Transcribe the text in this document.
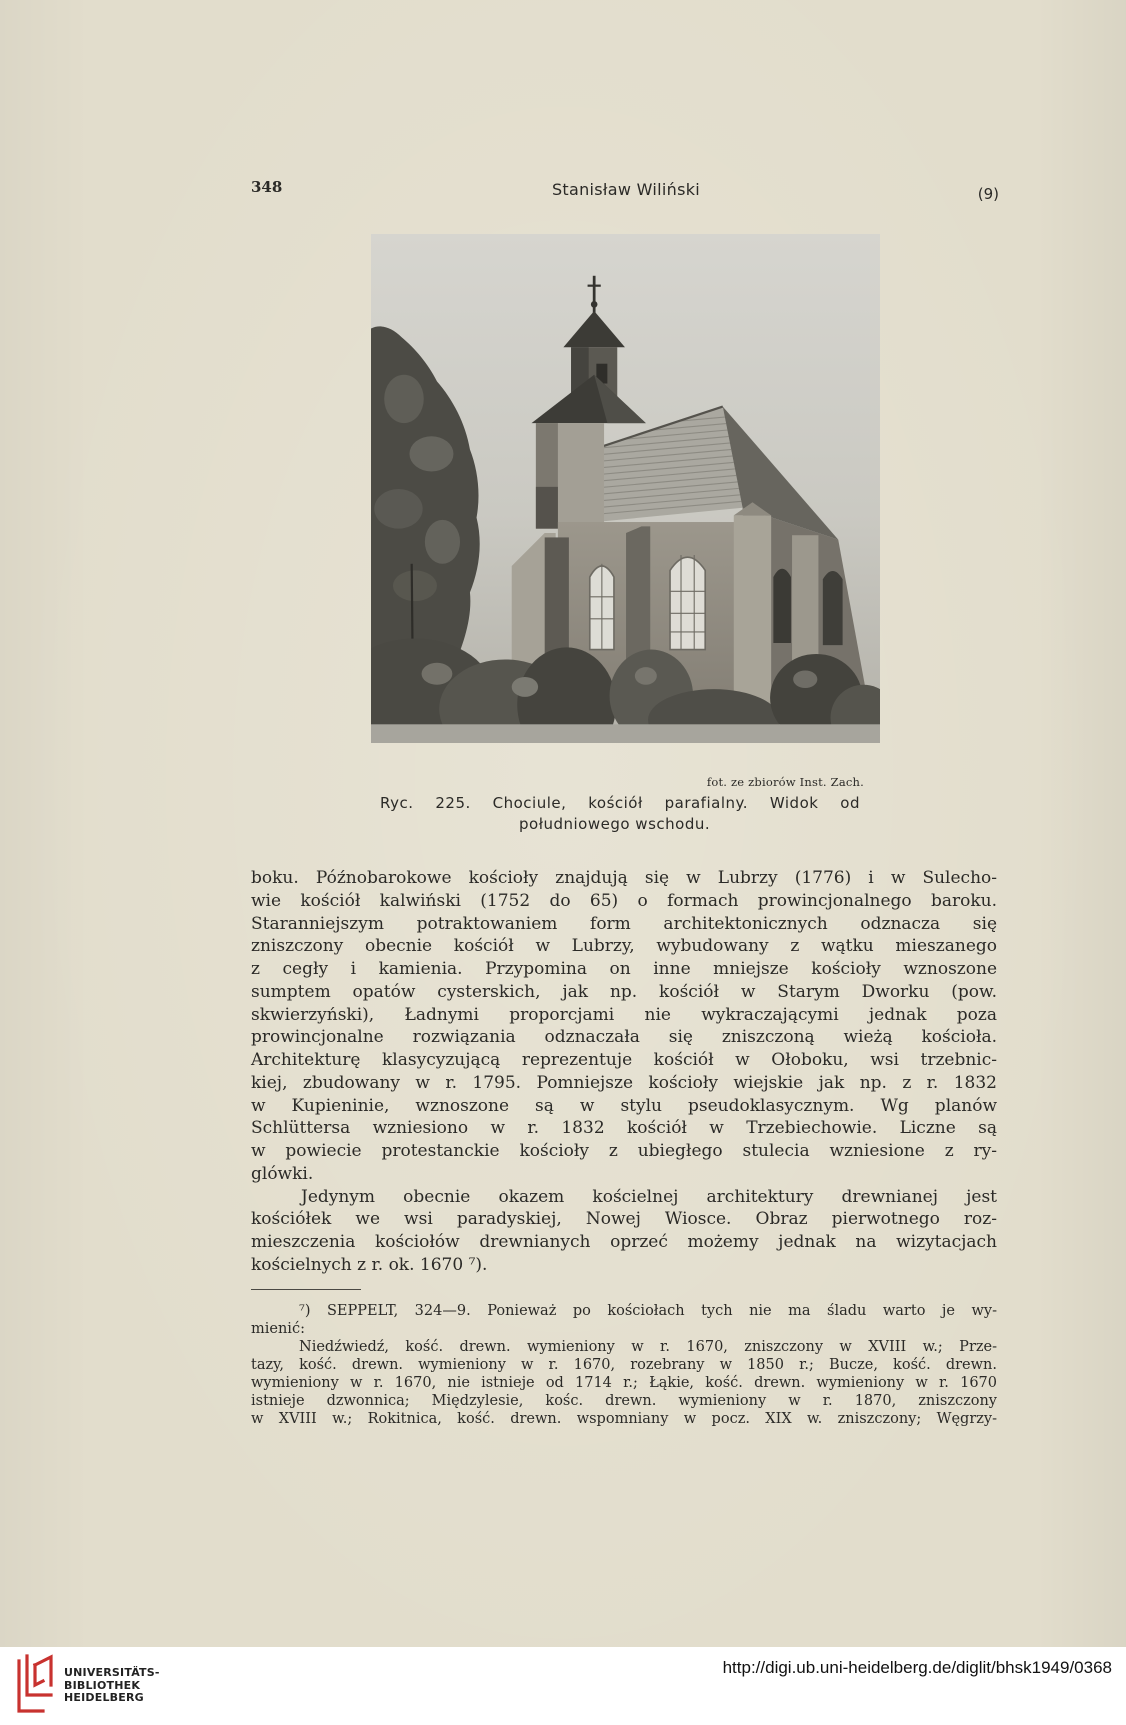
348	Stanisław Wiliński	(9)
fot. ze zbiorów Inst. Zach.
Ryc. 225. Chociule, kościół parafialny. Widok od
południowego wschodu.
boku. Późnobarokowe kościoły znajdują się w Lubrzy (1776) i w Sulecho-
wie kościół kalwiński (1752 do 65) o formach prowincjonalnego baroku.
Staranniejszym potraktowaniem form architektonicznych odznacza się
zniszczony obecnie kościół w Lubrzy, wybudowany z wątku mieszanego
z cegły i kamienia. Przypomina on inne mniejsze kościoły wznoszone
sumptem opatów cysterskich, jak np. kościół w Starym Dworku (pow.
skwierzyński), Ładnymi proporcjami nie wykraczającymi jednak poza
prowincjonalne rozwiązania odznaczała się zniszczoną wieżą kościoła.
Architekturę klasycyzującą reprezentuje kościół w Ołoboku, wsi trzebnic-
kiej, zbudowany w r. 1795. Pomniejsze kościoły wiejskie jak np. z r. 1832
w Kupieninie, wznoszone są w stylu pseudoklasycznym. Wg planów
Schlüttersa wzniesiono w r. 1832 kościół w Trzebiechowie. Liczne są
w powiecie protestanckie kościoły z ubiegłego stulecia wzniesione z ry-
glówki.
Jedynym obecnie okazem kościelnej architektury drewnianej jest
kościółek we wsi paradyskiej, Nowej Wiosce. Obraz pierwotnego roz-
mieszczenia kościołów drewnianych oprzeć możemy jednak na wizytacjach
kościelnych z r. ok. 1670 ⁷).
⁷) SEPPELT, 324—9. Ponieważ po kościołach tych nie ma śladu warto je wy-
mienić:
Niedźwiedź, kość. drewn. wymieniony w r. 1670, zniszczony w XVIII w.; Prze-
tazy, kość. drewn. wymieniony w r. 1670, rozebrany w 1850 r.; Bucze, kość. drewn.
wymieniony w r. 1670, nie istnieje od 1714 r.; Łąkie, kość. drewn. wymieniony w r. 1670
istnieje dzwonnica; Międzylesie, kośc. drewn. wymieniony w r. 1870, zniszczony
w XVIII w.; Rokitnica, kość. drewn. wspomniany w pocz. XIX w. zniszczony; Węgrzy-
UNIVERSITÄTS-
BIBLIOTHEK
HEIDELBERG
http://digi.ub.uni-heidelberg.de/diglit/bhsk1949/0368
